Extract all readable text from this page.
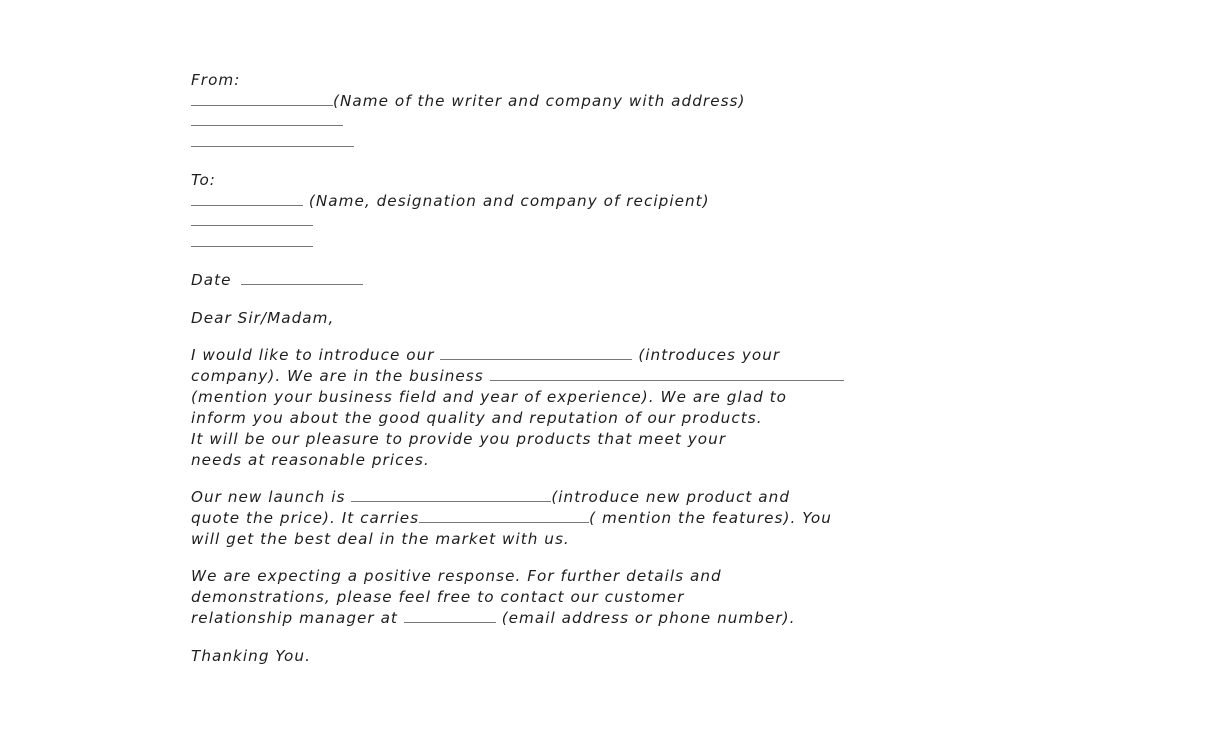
From:
(Name of the writer and company with address)
To:
(Name, designation and company of recipient)
Date
Dear Sir/Madam,
I would like to introduce our	(introduces your
company). We are in the business
(mention your business field and year of experience). We are glad to
inform you about the good quality and reputation of our products.
It will be our pleasure to provide you products that meet your
needs at reasonable prices.
Our new launch is	(introduce new product and
quote the price). It carries	( mention the features). You
will get the best deal in the market with us.
We are expecting a positive response. For further details and
demonstrations, please feel free to contact our customer
relationship manager at	(email address or phone number).
Thanking You.
